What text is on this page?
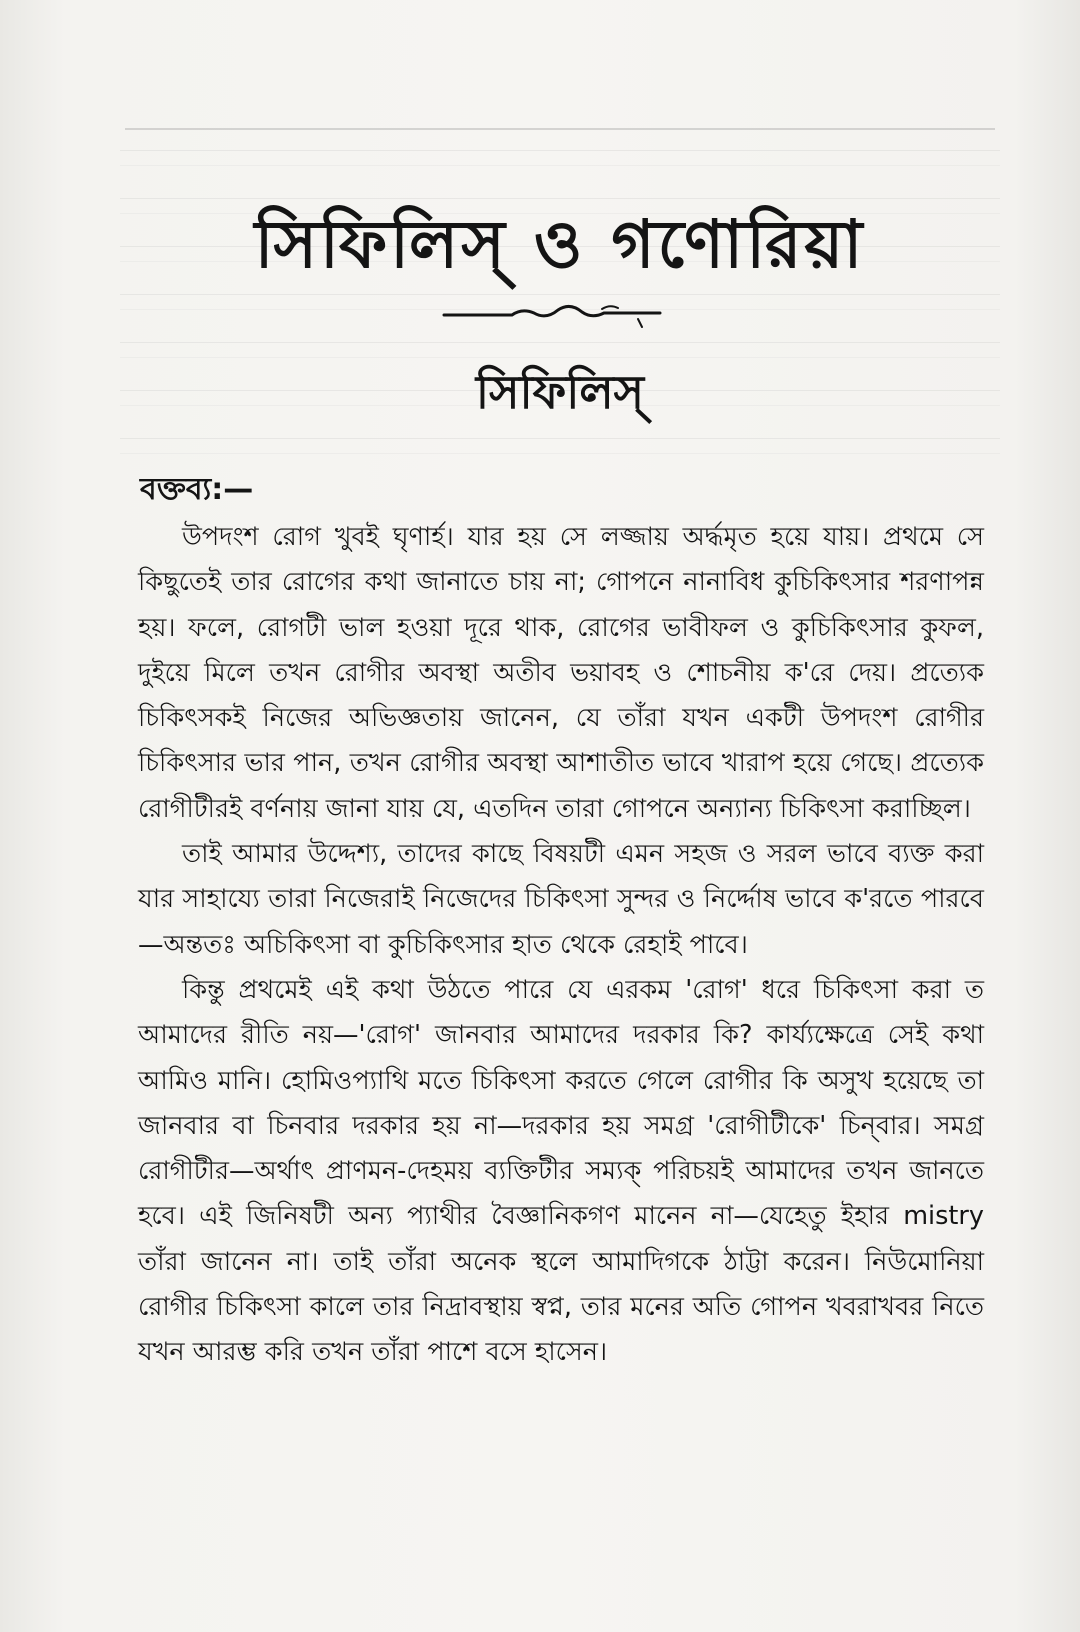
সিফিলিস্ ও গণোরিয়া
সিফিলিস্
বক্তব্য:—

উপদংশ রোগ খুবই ঘৃণার্হ। যার হয় সে লজ্জায় অর্দ্ধমৃত হয়ে যায়। প্রথমে সে কিছুতেই তার রোগের কথা জানাতে চায় না; গোপনে নানাবিধ কুচিকিৎসার শরণাপন্ন হয়। ফলে, রোগটী ভাল হওয়া দূরে থাক, রোগের ভাবীফল ও কুচিকিৎসার কুফল, দুইয়ে মিলে তখন রোগীর অবস্থা অতীব ভয়াবহ ও শোচনীয় ক'রে দেয়। প্রত্যেক চিকিৎসকই নিজের অভিজ্ঞতায় জানেন, যে তাঁরা যখন একটী উপদংশ রোগীর চিকিৎসার ভার পান, তখন রোগীর অবস্থা আশাতীত ভাবে খারাপ হয়ে গেছে। প্রত্যেক রোগীটীরই বর্ণনায় জানা যায় যে, এতদিন তারা গোপনে অন্যান্য চিকিৎসা করাচ্ছিল।

তাই আমার উদ্দেশ্য, তাদের কাছে বিষয়টী এমন সহজ ও সরল ভাবে ব্যক্ত করা যার সাহায্যে তারা নিজেরাই নিজেদের চিকিৎসা সুন্দর ও নির্দ্দোষ ভাবে ক'রতে পারবে—অন্ততঃ অচিকিৎসা বা কুচিকিৎসার হাত থেকে রেহাই পাবে।

কিন্তু প্রথমেই এই কথা উঠতে পারে যে এরকম 'রোগ' ধরে চিকিৎসা করা ত আমাদের রীতি নয়—'রোগ' জানবার আমাদের দরকার কি? কার্য্যক্ষেত্রে সেই কথা আমিও মানি। হোমিওপ্যাথি মতে চিকিৎসা করতে গেলে রোগীর কি অসুখ হয়েছে তা জানবার বা চিনবার দরকার হয় না—দরকার হয় সমগ্র 'রোগীটীকে' চিন্‌বার। সমগ্র রোগীটীর—অর্থাৎ প্রাণমন-দেহময় ব্যক্তিটীর সম্যক্ পরিচয়ই আমাদের তখন জানতে হবে। এই জিনিষটী অন্য প্যাথীর বৈজ্ঞানিকগণ মানেন না—যেহেতু ইহার mistry তাঁরা জানেন না। তাই তাঁরা অনেক স্থলে আমাদিগকে ঠাট্টা করেন। নিউমোনিয়া রোগীর চিকিৎসা কালে তার নিদ্রাবস্থায় স্বপ্ন, তার মনের অতি গোপন খবরাখবর নিতে যখন আরম্ভ করি তখন তাঁরা পাশে বসে হাসেন।
